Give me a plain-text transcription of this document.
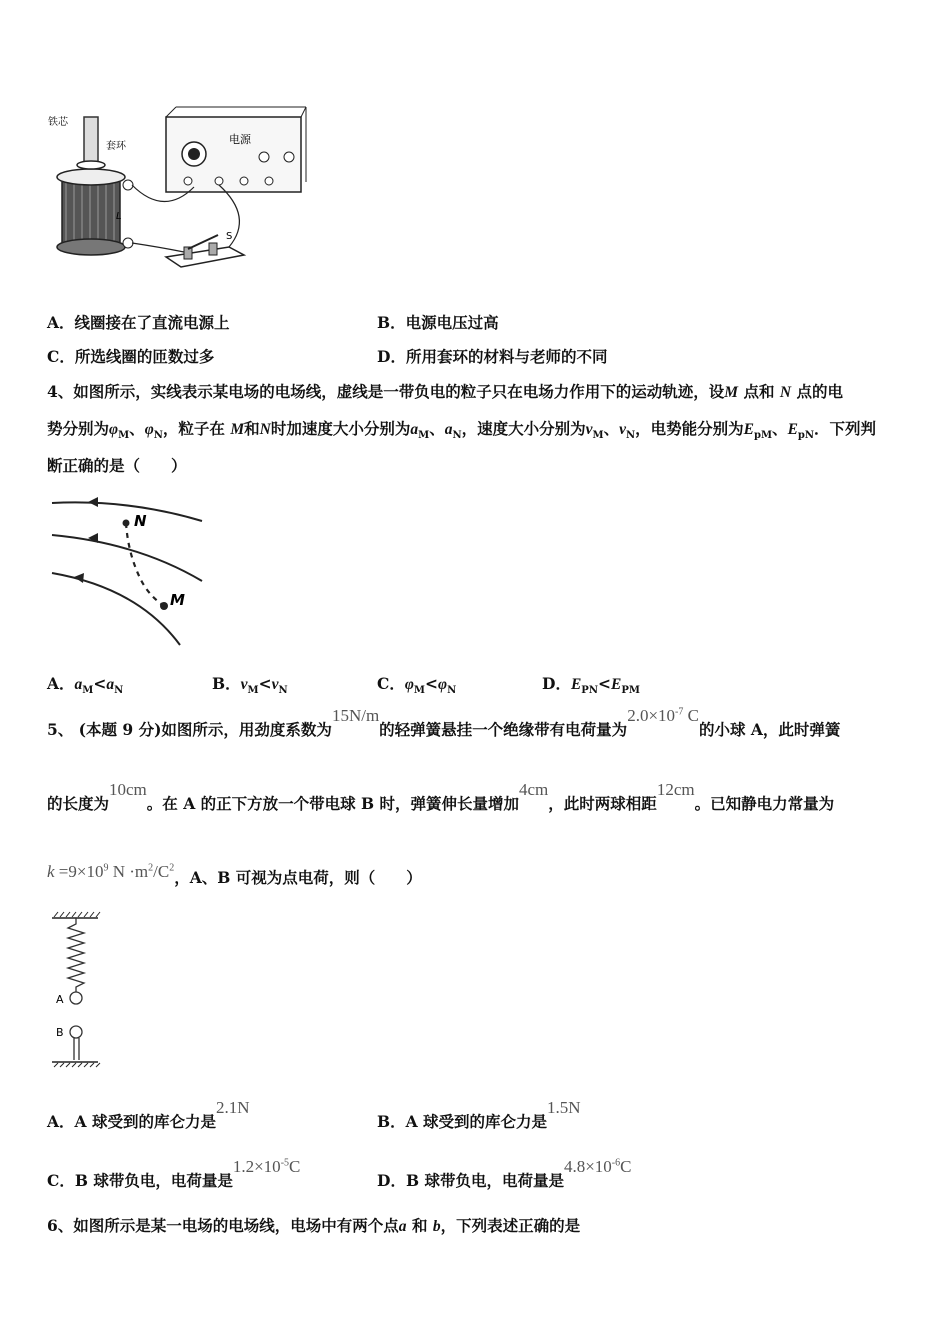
铁芯
套环
电源
L
S
A．线圈接在了直流电源上	B．电源电压过高
C．所选线圈的匝数过多	D．所用套环的材料与老师的不同
4、如图所示，实线表示某电场的电场线，虚线是一带负电的粒子只在电场力作用下的运动轨迹，设M 点和 N 点的电
势分别为$\varphi_M$、$\varphi_N$，粒子在 M和N时加速度大小分别为$a_M$、$a_N$，速度大小分别为$v_M$、$v_N$，电势能分别为$E_{pM}$、$E_{pN}$．下列判
断正确的是（　　）
N
M
A．$a_M<a_N$	B．$v_M<v_N$	C．$\varphi_M<\varphi_N$	D．$E_{PN}<E_{PM}$
5、 (本题 9 分)如图所示，用劲度系数为15N/m的轻弹簧悬挂一个绝缘带有电荷量为$2.0\times 10^{-7}$ C的小球 A，此时弹簧
的长度为10cm。在 A 的正下方放一个带电球 B 时，弹簧伸长量增加4cm，此时两球相距12cm。已知静电力常量为
$k =9\times 10^9$ $N \cdot m^2/C^2$，A、B 可视为点电荷，则（　　）
A
B
A．A 球受到的库仑力是2.1N
B．A 球受到的库仑力是1.5N
C．B 球带负电，电荷量是$1.2\times 10^{-5}C$
D．B 球带负电，电荷量是$4.8\times 10^{-6}C$
6、如图所示是某一电场的电场线，电场中有两个点a 和 b，下列表述正确的是
